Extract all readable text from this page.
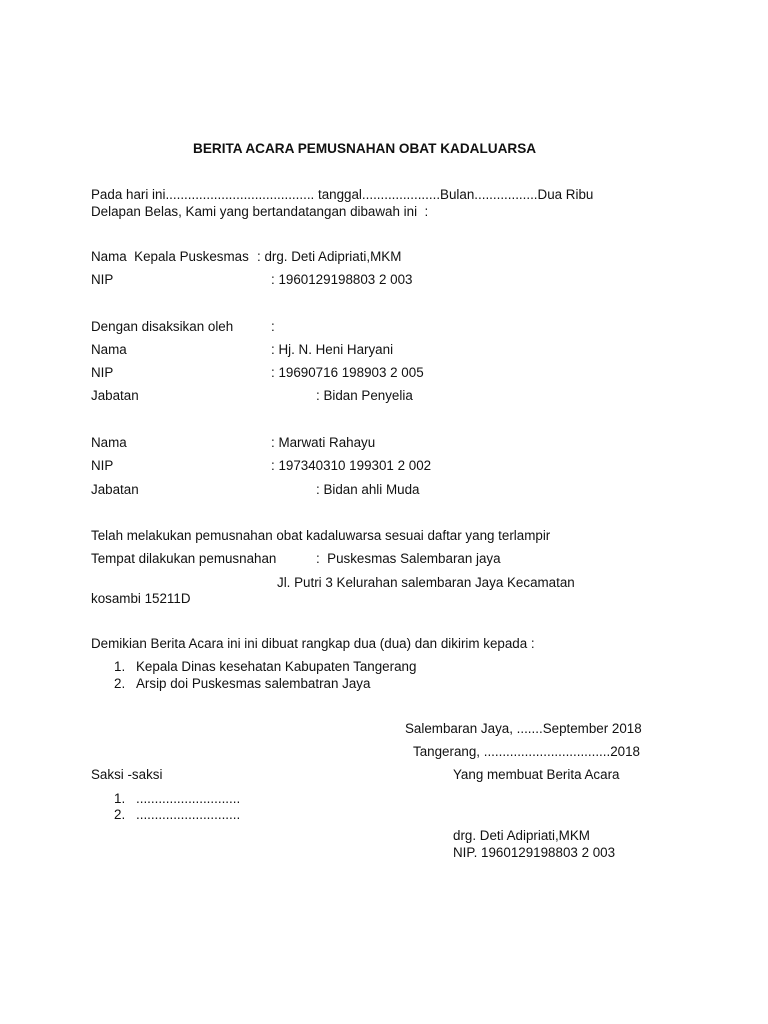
BERITA ACARA PEMUSNAHAN OBAT KADALUARSA
Pada hari ini........................................ tanggal.....................Bulan.................Dua Ribu
Delapan Belas, Kami yang bertandatangan dibawah ini  :
Nama  Kepala Puskesmas : drg. Deti Adipriati,MKM
NIP	: 1960129198803 2 003
Dengan disaksikan oleh	:
Nama	: Hj. N. Heni Haryani
NIP	: 19690716 198903 2 005
Jabatan	: Bidan Penyelia
Nama	: Marwati Rahayu
NIP	: 197340310 199301 2 002
Jabatan	: Bidan ahli Muda
Telah melakukan pemusnahan obat kadaluwarsa sesuai daftar yang terlampir
Tempat dilakukan pemusnahan	:  Puskesmas Salembaran jaya
Jl. Putri 3 Kelurahan salembaran Jaya Kecamatan
kosambi 15211D
Demikian Berita Acara ini ini dibuat rangkap dua (dua) dan dikirim kepada :
1. Kepala Dinas kesehatan Kabupaten Tangerang
2. Arsip doi Puskesmas salembatran Jaya
Salembaran Jaya, .......September 2018
Tangerang, ..................................2018
Saksi -saksi	Yang membuat Berita Acara
1. ............................
2. ............................
drg. Deti Adipriati,MKM
NIP. 1960129198803 2 003
